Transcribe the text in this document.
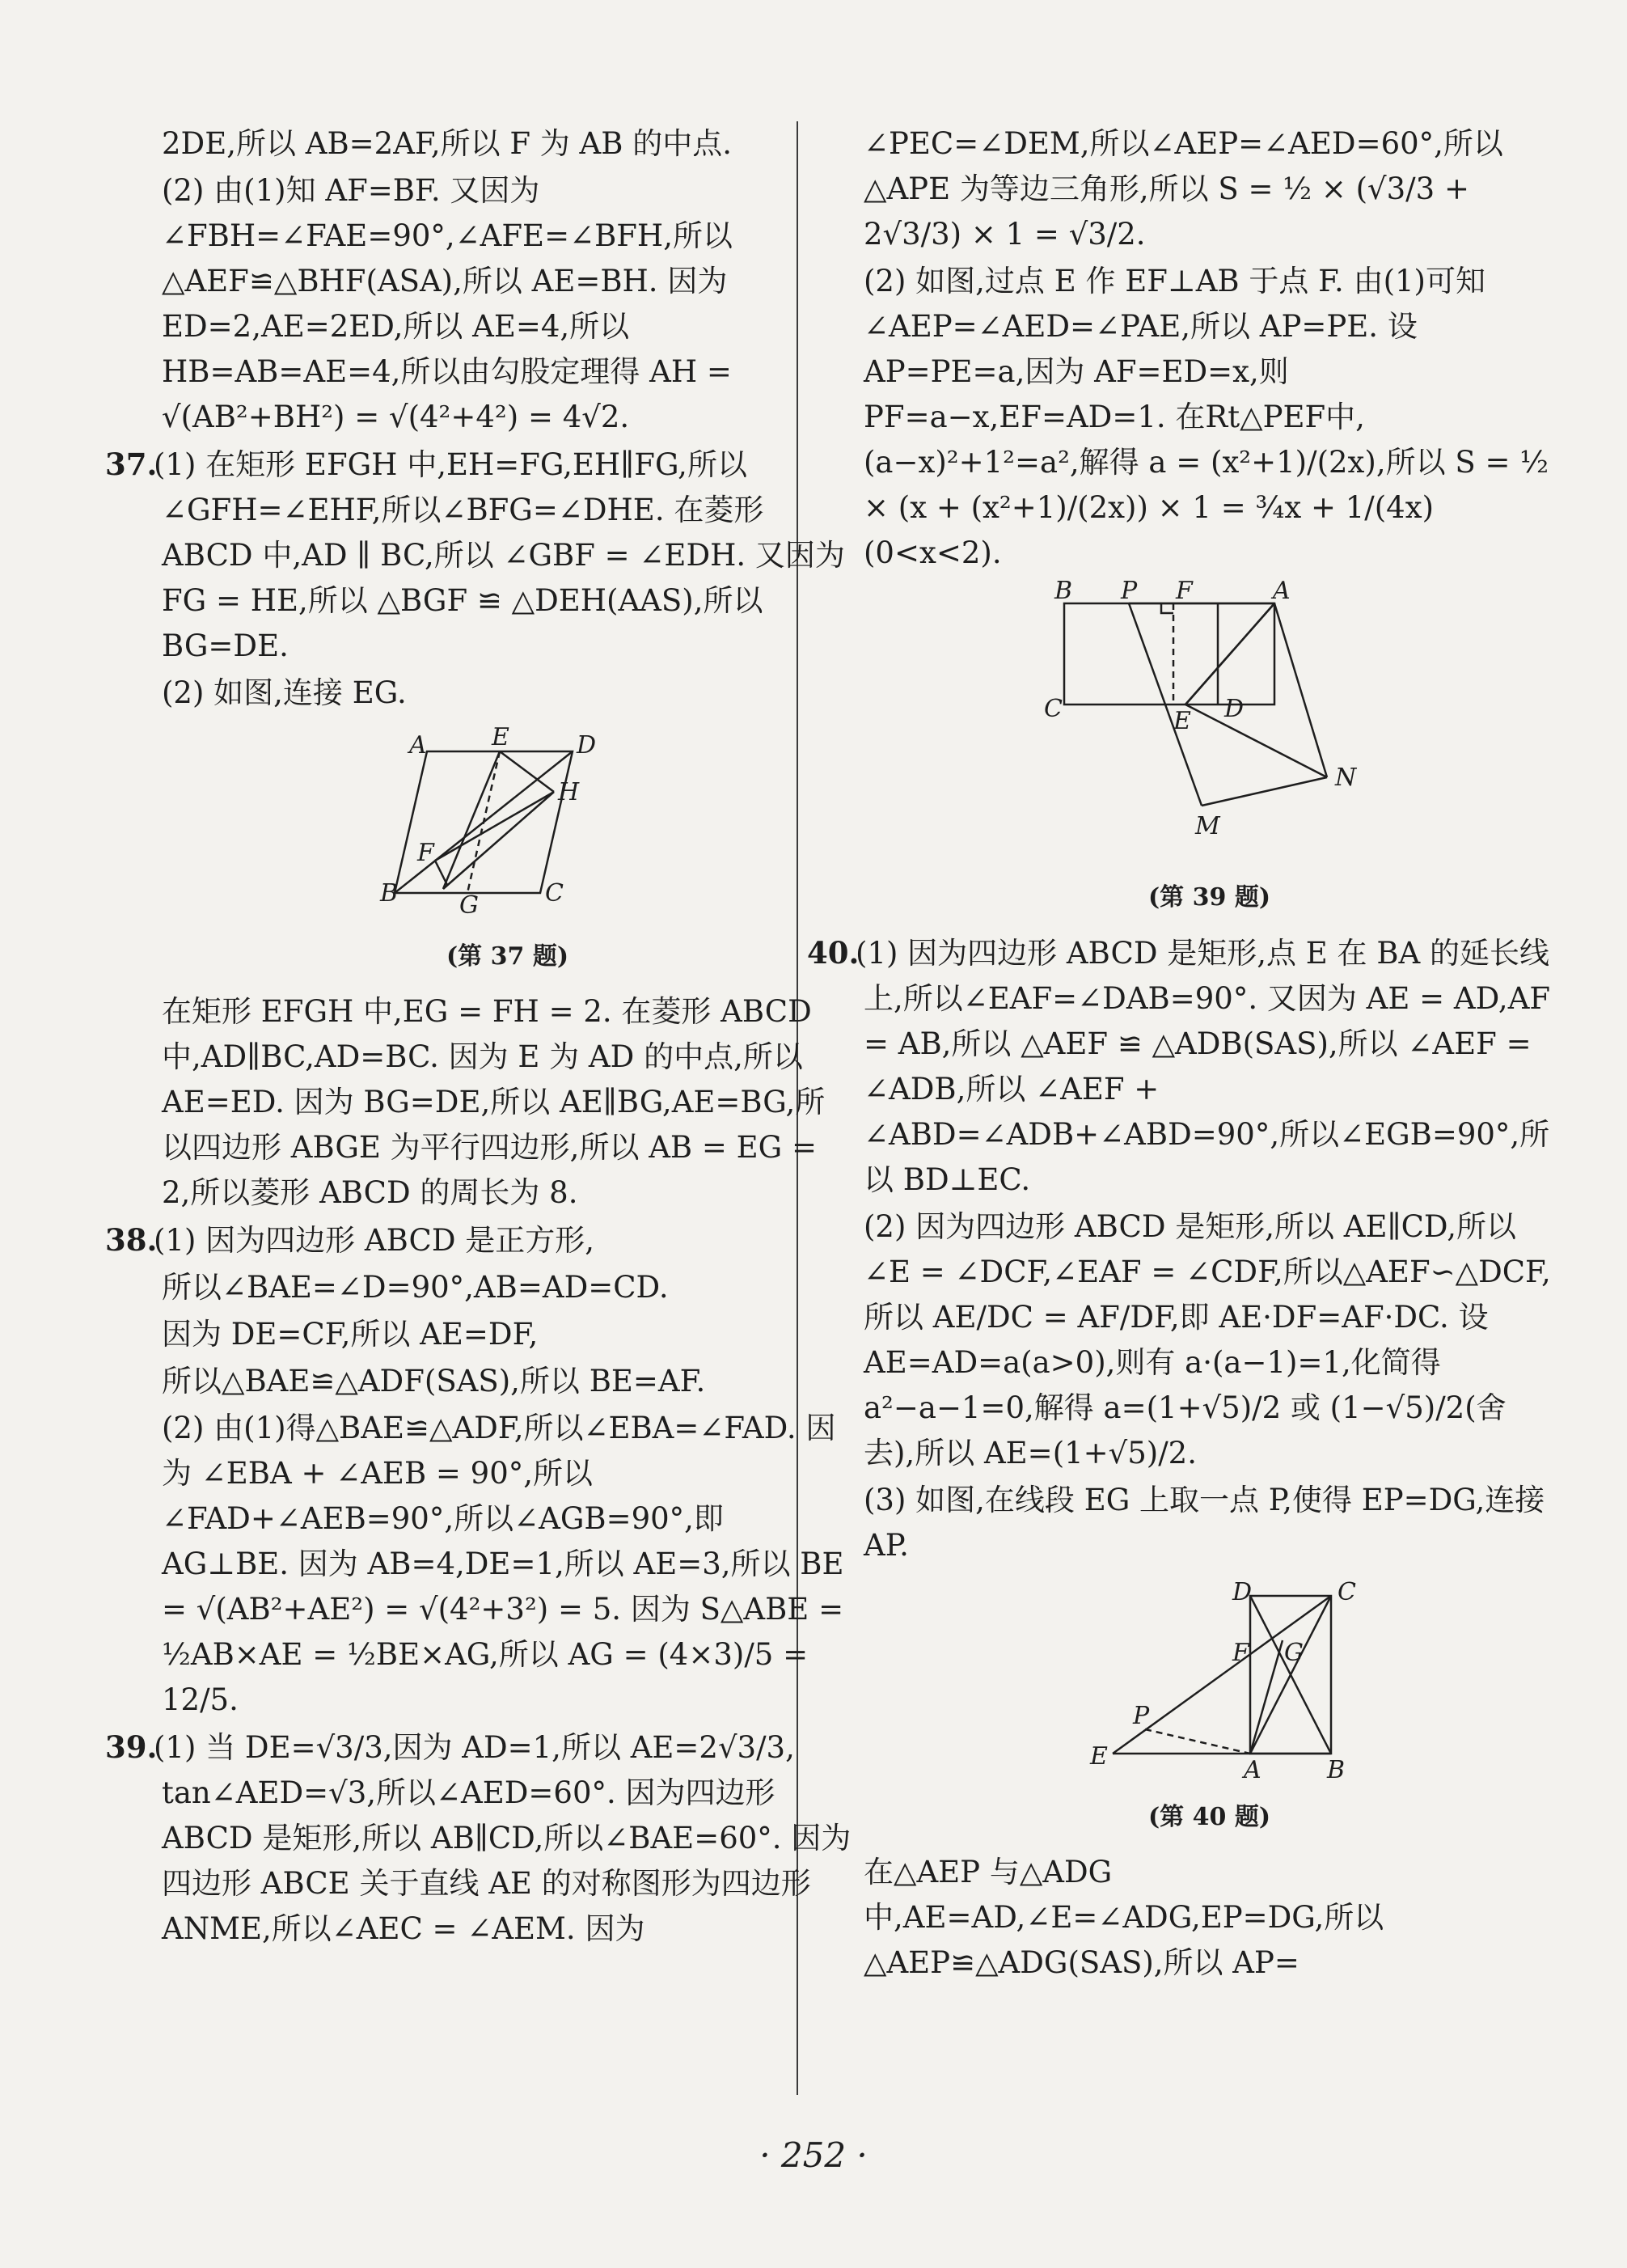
2DE,所以 AB=2AF,所以 F 为 AB 的中点.

(2) 由(1)知 AF=BF. 又因为∠FBH=∠FAE=90°,∠AFE=∠BFH,所以△AEF≌△BHF(ASA),所以 AE=BH. 因为 ED=2,AE=2ED,所以 AE=4,所以 HB=AB=AE=4,所以由勾股定理得 AH = √(AB²+BH²) = √(4²+4²) = 4√2.

37.(1) 在矩形 EFGH 中,EH=FG,EH∥FG,所以∠GFH=∠EHF,所以∠BFG=∠DHE. 在菱形 ABCD 中,AD ∥ BC,所以 ∠GBF = ∠EDH. 又因为 FG = HE,所以 △BGF ≌ △DEH(AAS),所以 BG=DE.

(2) 如图,连接 EG.

A	E	D
H
F
B	G	C
(第 37 题)

在矩形 EFGH 中,EG = FH = 2. 在菱形 ABCD 中,AD∥BC,AD=BC. 因为 E 为 AD 的中点,所以 AE=ED. 因为 BG=DE,所以 AE∥BG,AE=BG,所以四边形 ABGE 为平行四边形,所以 AB = EG = 2,所以菱形 ABCD 的周长为 8.

38.(1) 因为四边形 ABCD 是正方形,

所以∠BAE=∠D=90°,AB=AD=CD.

因为 DE=CF,所以 AE=DF,

所以△BAE≌△ADF(SAS),所以 BE=AF.

(2) 由(1)得△BAE≌△ADF,所以∠EBA=∠FAD. 因为 ∠EBA + ∠AEB = 90°,所以∠FAD+∠AEB=90°,所以∠AGB=90°,即 AG⊥BE. 因为 AB=4,DE=1,所以 AE=3,所以 BE = √(AB²+AE²) = √(4²+3²) = 5. 因为 S△ABE = ½AB×AE = ½BE×AG,所以 AG = (4×3)/5 = 12/5.

39.(1) 当 DE=√3/3,因为 AD=1,所以 AE=2√3/3, tan∠AED=√3,所以∠AED=60°. 因为四边形 ABCD 是矩形,所以 AB∥CD,所以∠BAE=60°. 因为四边形 ABCE 关于直线 AE 的对称图形为四边形 ANME,所以∠AEC = ∠AEM. 因为

∠PEC=∠DEM,所以∠AEP=∠AED=60°,所以△APE 为等边三角形,所以 S = ½ × (√3/3 + 2√3/3) × 1 = √3/2.

(2) 如图,过点 E 作 EF⊥AB 于点 F. 由(1)可知∠AEP=∠AED=∠PAE,所以 AP=PE. 设 AP=PE=a,因为 AF=ED=x,则 PF=a−x,EF=AD=1. 在Rt△PEF中,(a−x)²+1²=a²,解得 a = (x²+1)/(2x),所以 S = ½ × (x + (x²+1)/(2x)) × 1 = ¾x + 1/(4x) (0<x<2).

B P F	A
C	E D
N
M
(第 39 题)

40.(1) 因为四边形 ABCD 是矩形,点 E 在 BA 的延长线上,所以∠EAF=∠DAB=90°. 又因为 AE = AD,AF = AB,所以 △AEF ≌ △ADB(SAS),所以 ∠AEF = ∠ADB,所以 ∠AEF + ∠ABD=∠ADB+∠ABD=90°,所以∠EGB=90°,所以 BD⊥EC.

(2) 因为四边形 ABCD 是矩形,所以 AE∥CD,所以 ∠E = ∠DCF,∠EAF = ∠CDF,所以△AEF∽△DCF,所以 AE/DC = AF/DF,即 AE·DF=AF·DC. 设 AE=AD=a(a>0),则有 a·(a−1)=1,化简得 a²−a−1=0,解得 a=(1+√5)/2 或 (1−√5)/2(舍去),所以 AE=(1+√5)/2.

(3) 如图,在线段 EG 上取一点 P,使得 EP=DG,连接 AP.

D	C
F G
P
E	A	B
(第 40 题)

在△AEP 与△ADG 中,AE=AD,∠E=∠ADG,EP=DG,所以△AEP≌△ADG(SAS),所以 AP=

· 252 ·
